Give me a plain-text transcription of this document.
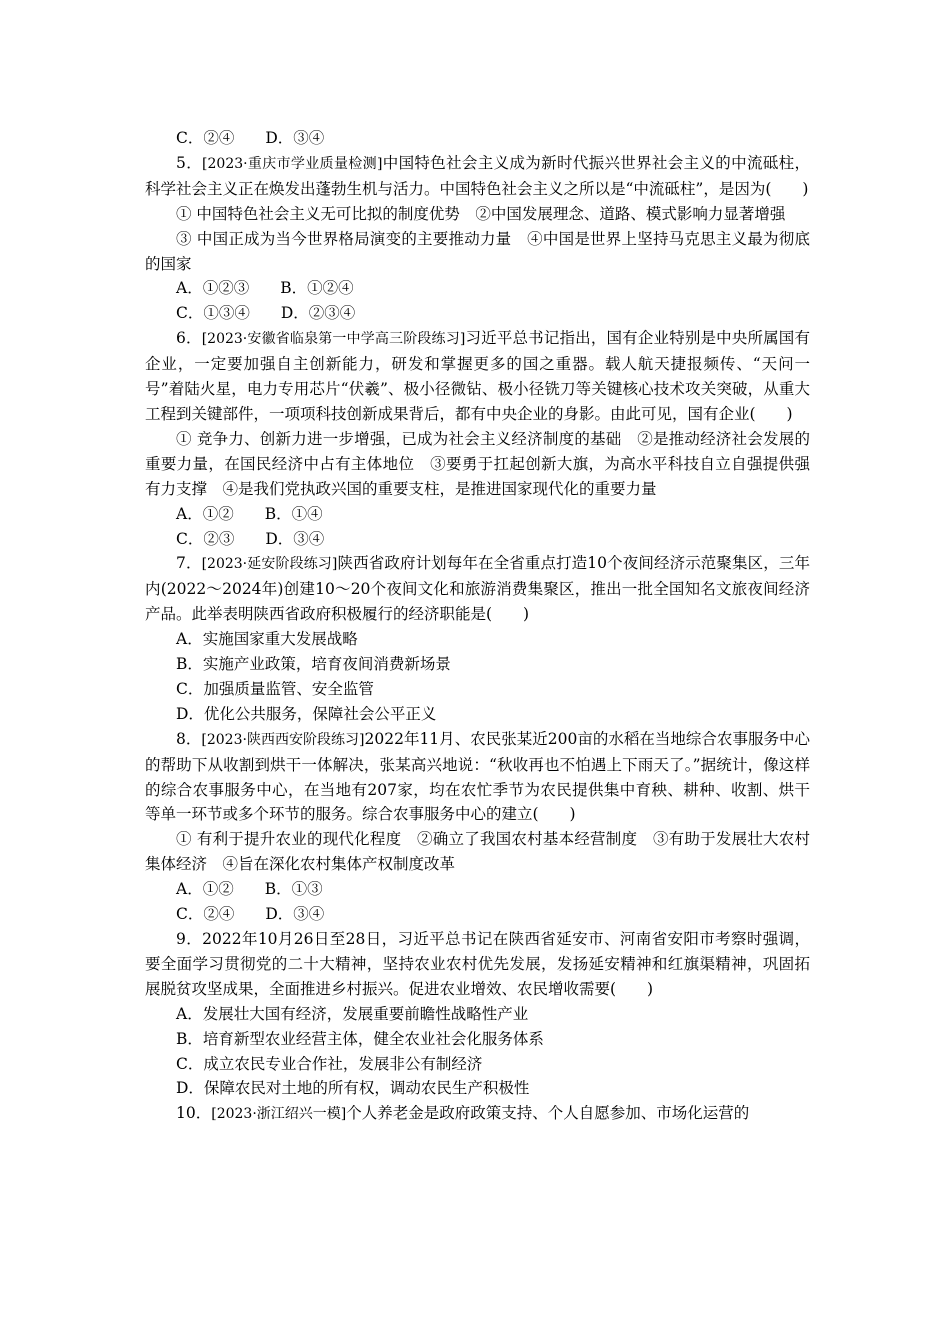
C．②④　　D．③④

5．[2023·重庆市学业质量检测]中国特色社会主义成为新时代振兴世界社会主义的中流砥柱，科学社会主义正在焕发出蓬勃生机与活力。中国特色社会主义之所以是“中流砥柱”，是因为(　　)

① 中国特色社会主义无可比拟的制度优势　②中国发展理念、道路、模式影响力显著增强

③ 中国正成为当今世界格局演变的主要推动力量　④中国是世界上坚持马克思主义最为彻底的国家

A．①②③　　B．①②④

C．①③④　　D．②③④

6．[2023·安徽省临泉第一中学高三阶段练习]习近平总书记指出，国有企业特别是中央所属国有企业，一定要加强自主创新能力，研发和掌握更多的国之重器。载人航天捷报频传、“天问一号”着陆火星，电力专用芯片“伏羲”、极小径微钻、极小径铣刀等关键核心技术攻关突破，从重大工程到关键部件，一项项科技创新成果背后，都有中央企业的身影。由此可见，国有企业(　　)

① 竞争力、创新力进一步增强，已成为社会主义经济制度的基础　②是推动经济社会发展的重要力量，在国民经济中占有主体地位　③要勇于扛起创新大旗，为高水平科技自立自强提供强有力支撑　④是我们党执政兴国的重要支柱，是推进国家现代化的重要力量

A．①②　　B．①④

C．②③　　D．③④

7．[2023·延安阶段练习]陕西省政府计划每年在全省重点打造10个夜间经济示范聚集区，三年内(2022～2024年)创建10～20个夜间文化和旅游消费集聚区，推出一批全国知名文旅夜间经济产品。此举表明陕西省政府积极履行的经济职能是(　　)

A．实施国家重大发展战略

B．实施产业政策，培育夜间消费新场景

C．加强质量监管、安全监管

D．优化公共服务，保障社会公平正义

8．[2023·陕西西安阶段练习]2022年11月、农民张某近200亩的水稻在当地综合农事服务中心的帮助下从收割到烘干一体解决，张某高兴地说：“秋收再也不怕遇上下雨天了。”据统计，像这样的综合农事服务中心，在当地有207家，均在农忙季节为农民提供集中育秧、耕种、收割、烘干等单一环节或多个环节的服务。综合农事服务中心的建立(　　)

① 有利于提升农业的现代化程度　②确立了我国农村基本经营制度　③有助于发展壮大农村集体经济　④旨在深化农村集体产权制度改革

A．①②　　B．①③

C．②④　　D．③④

9．2022年10月26日至28日，习近平总书记在陕西省延安市、河南省安阳市考察时强调，要全面学习贯彻党的二十大精神，坚持农业农村优先发展，发扬延安精神和红旗渠精神，巩固拓展脱贫攻坚成果，全面推进乡村振兴。促进农业增效、农民增收需要(　　)

A．发展壮大国有经济，发展重要前瞻性战略性产业

B．培育新型农业经营主体，健全农业社会化服务体系

C．成立农民专业合作社，发展非公有制经济

D．保障农民对土地的所有权，调动农民生产积极性

10．[2023·浙江绍兴一模]个人养老金是政府政策支持、个人自愿参加、市场化运营的
